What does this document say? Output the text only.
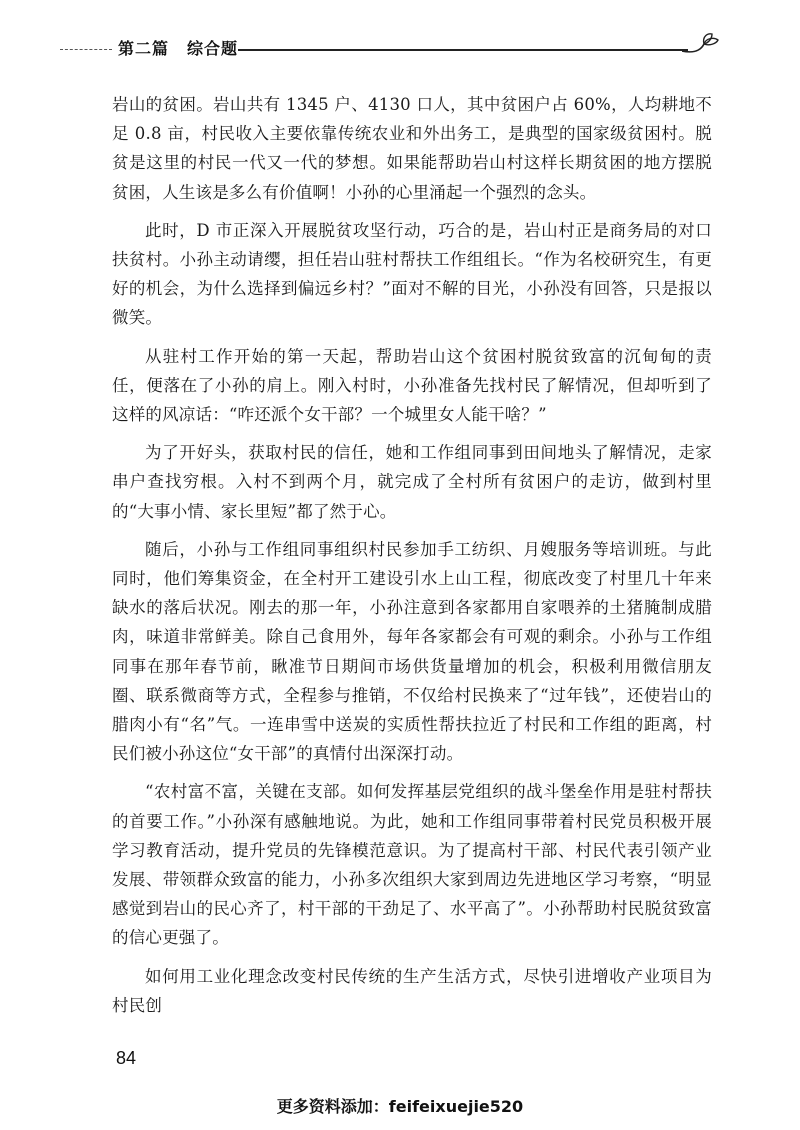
第二篇 综合题

岩山的贫困。岩山共有 1345 户、4130 口人，其中贫困户占 60%，人均耕地不足 0.8 亩，村民收入主要依靠传统农业和外出务工，是典型的国家级贫困村。脱贫是这里的村民一代又一代的梦想。如果能帮助岩山村这样长期贫困的地方摆脱贫困，人生该是多么有价值啊！小孙的心里涌起一个强烈的念头。

此时，D 市正深入开展脱贫攻坚行动，巧合的是，岩山村正是商务局的对口扶贫村。小孙主动请缨，担任岩山驻村帮扶工作组组长。“作为名校研究生，有更好的机会，为什么选择到偏远乡村？”面对不解的目光，小孙没有回答，只是报以微笑。

从驻村工作开始的第一天起，帮助岩山这个贫困村脱贫致富的沉甸甸的责任，便落在了小孙的肩上。刚入村时，小孙准备先找村民了解情况，但却听到了这样的风凉话：“咋还派个女干部？一个城里女人能干啥？”

为了开好头，获取村民的信任，她和工作组同事到田间地头了解情况，走家串户查找穷根。入村不到两个月，就完成了全村所有贫困户的走访，做到村里的“大事小情、家长里短”都了然于心。

随后，小孙与工作组同事组织村民参加手工纺织、月嫂服务等培训班。与此同时，他们筹集资金，在全村开工建设引水上山工程，彻底改变了村里几十年来缺水的落后状况。刚去的那一年，小孙注意到各家都用自家喂养的土猪腌制成腊肉，味道非常鲜美。除自己食用外，每年各家都会有可观的剩余。小孙与工作组同事在那年春节前，瞅准节日期间市场供货量增加的机会，积极利用微信朋友圈、联系微商等方式，全程参与推销，不仅给村民换来了“过年钱”，还使岩山的腊肉小有“名”气。一连串雪中送炭的实质性帮扶拉近了村民和工作组的距离，村民们被小孙这位“女干部”的真情付出深深打动。

“农村富不富，关键在支部。如何发挥基层党组织的战斗堡垒作用是驻村帮扶的首要工作。”小孙深有感触地说。为此，她和工作组同事带着村民党员积极开展学习教育活动，提升党员的先锋模范意识。为了提高村干部、村民代表引领产业发展、带领群众致富的能力，小孙多次组织大家到周边先进地区学习考察，“明显感觉到岩山的民心齐了，村干部的干劲足了、水平高了”。小孙帮助村民脱贫致富的信心更强了。

如何用工业化理念改变村民传统的生产生活方式，尽快引进增收产业项目为村民创

84
更多资料添加：feifeixuejie520
